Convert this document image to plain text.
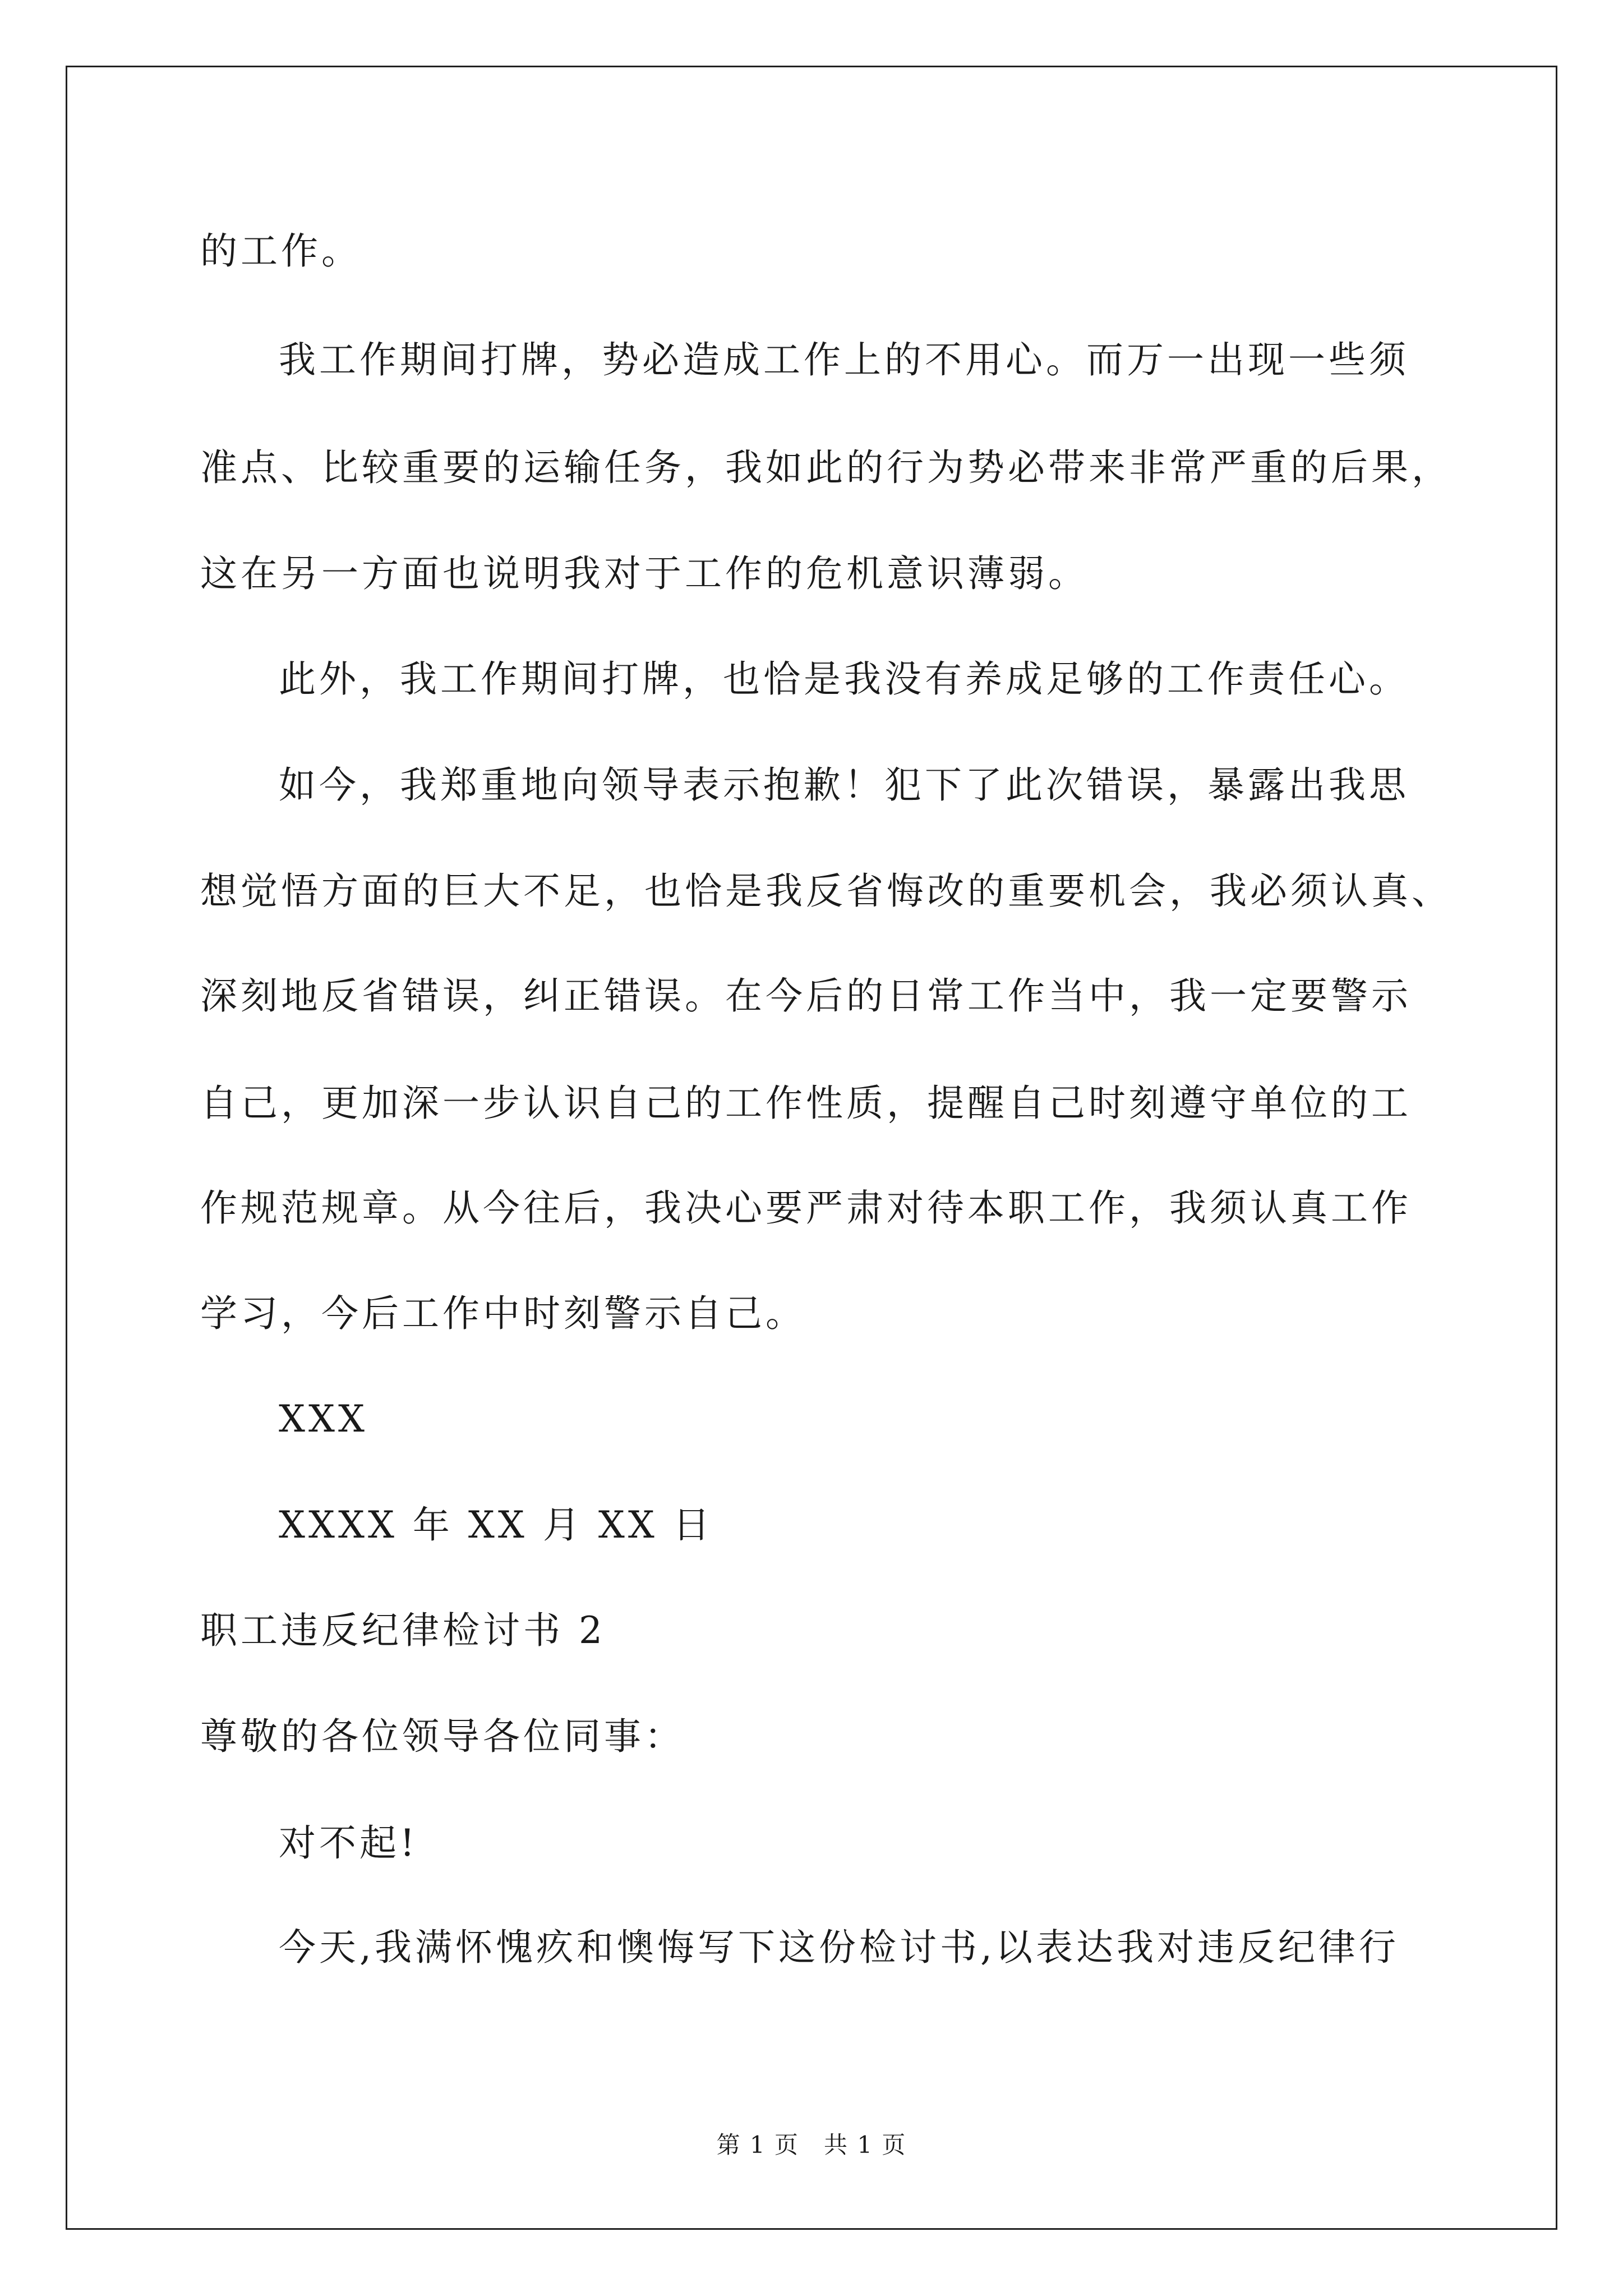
的工作。
我工作期间打牌，势必造成工作上的不用心。而万一出现一些须
准点、比较重要的运输任务，我如此的行为势必带来非常严重的后果，
这在另一方面也说明我对于工作的危机意识薄弱。
此外，我工作期间打牌，也恰是我没有养成足够的工作责任心。
如今，我郑重地向领导表示抱歉！犯下了此次错误，暴露出我思
想觉悟方面的巨大不足，也恰是我反省悔改的重要机会，我必须认真、
深刻地反省错误，纠正错误。在今后的日常工作当中，我一定要警示
自己，更加深一步认识自己的工作性质，提醒自己时刻遵守单位的工
作规范规章。从今往后，我决心要严肃对待本职工作，我须认真工作
学习，今后工作中时刻警示自己。
XXX
XXXX 年 XX 月 XX 日
职工违反纪律检讨书 2
尊敬的各位领导各位同事：
对不起!
今天,我满怀愧疚和懊悔写下这份检讨书,以表达我对违反纪律行
第 1 页 共 1 页
